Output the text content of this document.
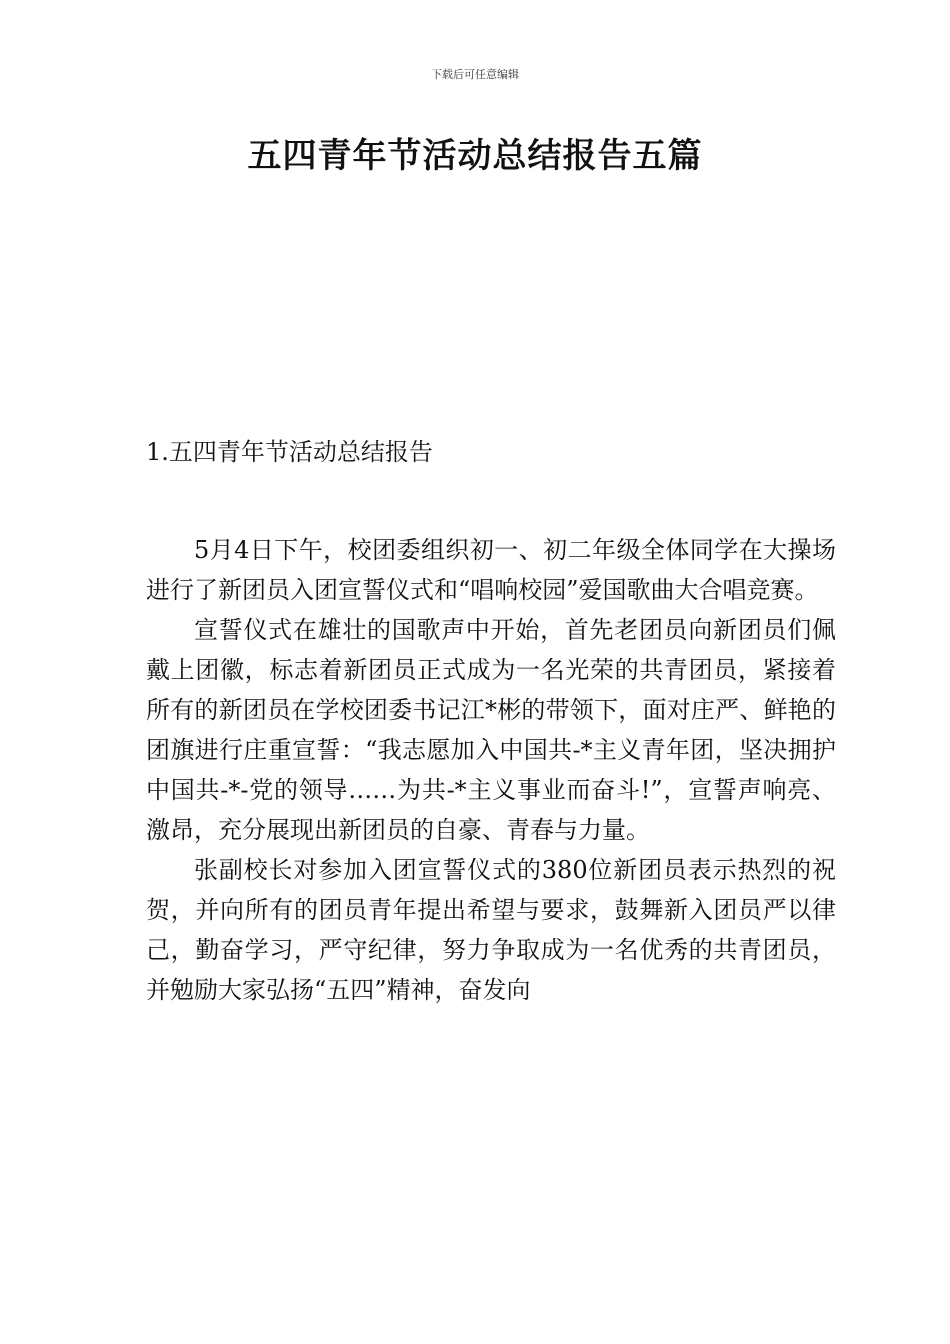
下载后可任意编辑
五四青年节活动总结报告五篇
1.五四青年节活动总结报告

5月4日下午，校团委组织初一、初二年级全体同学在大操场进行了新团员入团宣誓仪式和“唱响校园”爱国歌曲大合唱竞赛。

宣誓仪式在雄壮的国歌声中开始，首先老团员向新团员们佩戴上团徽，标志着新团员正式成为一名光荣的共青团员，紧接着所有的新团员在学校团委书记江*彬的带领下，面对庄严、鲜艳的团旗进行庄重宣誓：“我志愿加入中国共-*主义青年团，坚决拥护中国共-*-党的领导……为共-*主义事业而奋斗!”，宣誓声响亮、激昂，充分展现出新团员的自豪、青春与力量。

张副校长对参加入团宣誓仪式的380位新团员表示热烈的祝贺，并向所有的团员青年提出希望与要求，鼓舞新入团员严以律己，勤奋学习，严守纪律，努力争取成为一名优秀的共青团员，并勉励大家弘扬“五四”精神，奋发向
